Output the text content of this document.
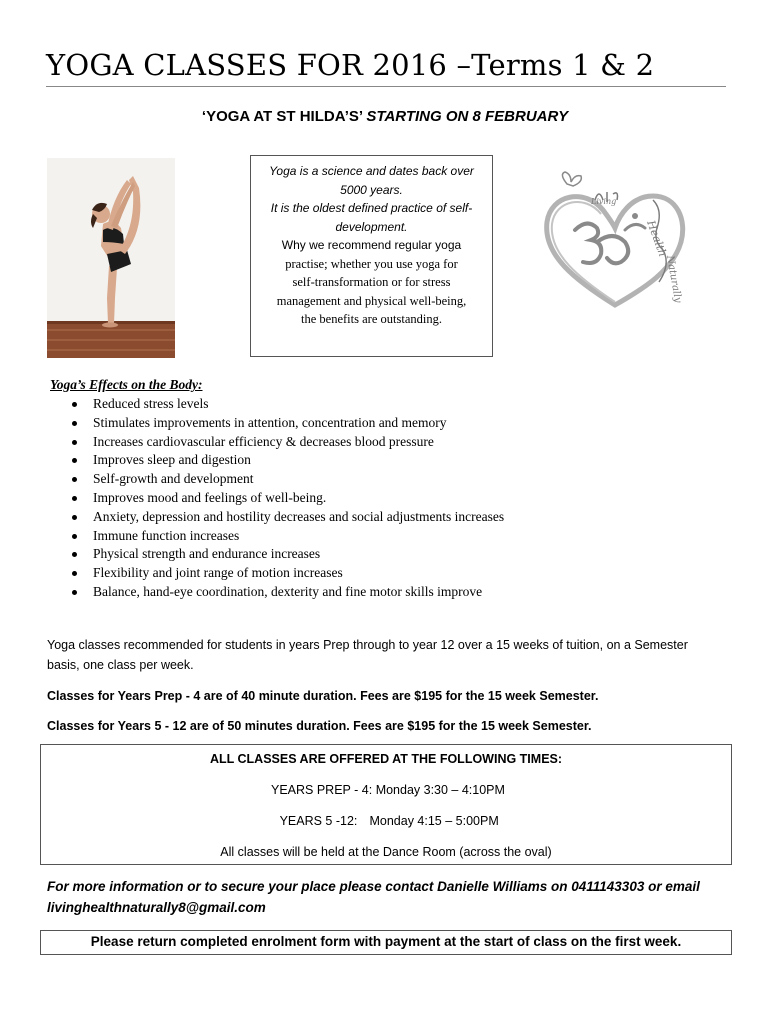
YOGA CLASSES FOR 2016 –Terms 1 & 2
‘YOGA AT ST HILDA’S’ STARTING ON 8 FEBRUARY
Yoga is a science and dates back over
5000 years.
It is the oldest defined practice of self-
development.
Why we recommend regular yoga
practise; whether you use yoga for
self-transformation or for stress
management and physical well-being,
the benefits are outstanding.
Health
Naturally
Living
Yoga’s Effects on the Body:
Reduced stress levels
Stimulates improvements in attention, concentration and memory
Increases cardiovascular efficiency & decreases blood pressure
Improves sleep and digestion
Self-growth and development
Improves mood and feelings of well-being.
Anxiety, depression and hostility decreases and social adjustments increases
Immune function increases
Physical strength and endurance increases
Flexibility and joint range of motion increases
Balance, hand-eye coordination, dexterity and fine motor skills improve
Yoga classes recommended for students in years Prep through to year 12 over a 15 weeks of tuition, on a Semester
basis, one class per week.
Classes for Years Prep - 4 are of 40 minute duration. Fees are $195 for the 15 week Semester.
Classes for Years 5 - 12 are of 50 minutes duration. Fees are $195 for the 15 week Semester.
ALL CLASSES ARE OFFERED AT THE FOLLOWING TIMES:
YEARS PREP - 4: Monday 3:30 – 4:10PM
YEARS 5 -12: Monday 4:15 – 5:00PM
All classes will be held at the Dance Room (across the oval)
For more information or to secure your place please contact Danielle Williams on 0411143303 or email
livinghealthnaturally8@gmail.com
Please return completed enrolment form with payment at the start of class on the first week.
